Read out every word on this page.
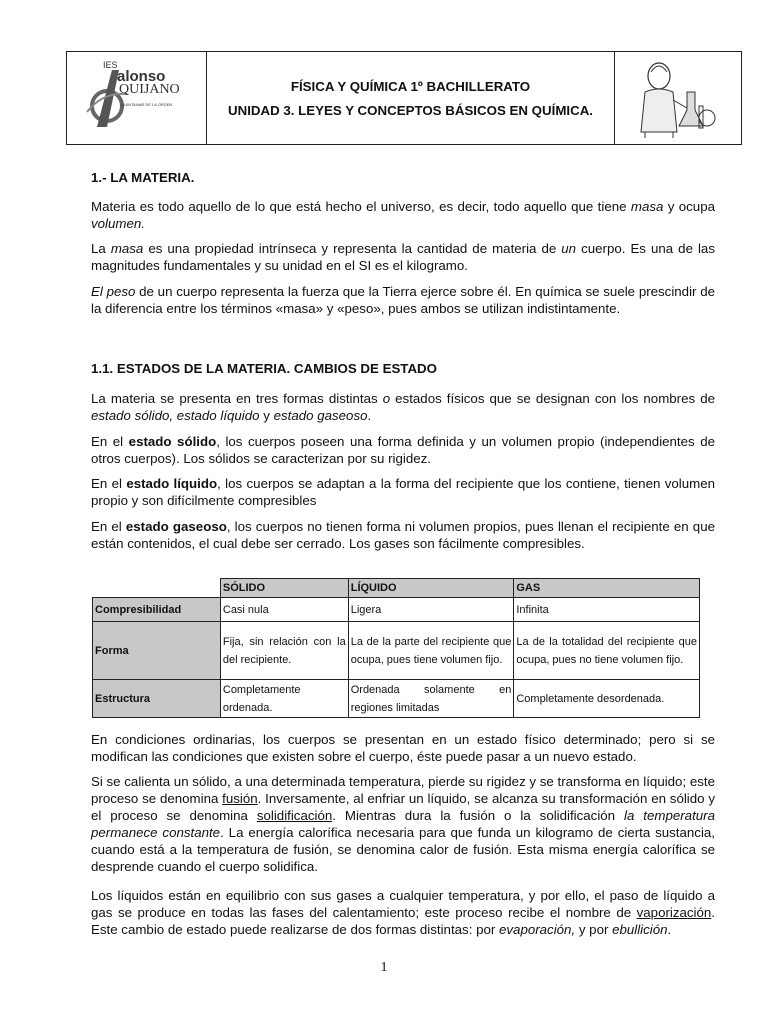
IES
alonso
QUIJANO
QUINTANAR DE LA ORDEN
FÍSICA Y QUÍMICA 1º BACHILLERATO
UNIDAD 3. LEYES Y CONCEPTOS BÁSICOS EN QUÍMICA.
1.- LA MATERIA.

Materia es todo aquello de lo que está hecho el universo, es decir, todo aquello que tiene masa y ocupa volumen.

La masa es una propiedad intrínseca y representa la cantidad de materia de un cuerpo. Es una de las magnitudes fundamentales y su unidad en el SI es el kilogramo.

El peso de un cuerpo representa la fuerza que la Tierra ejerce sobre él. En química se suele prescindir de la diferencia entre los términos «masa» y «peso», pues ambos se utilizan indistintamente.

1.1. ESTADOS DE LA MATERIA. CAMBIOS DE ESTADO

La materia se presenta en tres formas distintas o estados físicos que se designan con los nombres de estado sólido, estado líquido y estado gaseoso.

En el estado sólido, los cuerpos poseen una forma definida y un volumen propio (independientes de otros cuerpos). Los sólidos se caracterizan por su rigidez.

En el estado líquido, los cuerpos se adaptan a la forma del recipiente que los contiene, tienen volumen propio y son difícilmente compresibles

En el estado gaseoso, los cuerpos no tienen forma ni volumen propios, pues llenan el recipiente en que están contenidos, el cual debe ser cerrado. Los gases son fácilmente compresibles.

	SÓLIDO	LÍQUIDO	GAS
Compresibilidad	Casi nula	Ligera	Infinita
Forma	Fija, sin relación con la del recipiente.	La de la parte del recipiente que ocupa, pues tiene volumen fijo.	La de la totalidad del recipiente que ocupa, pues no tiene volumen fijo.
Estructura	Completamente ordenada.	Ordenada solamente en regiones limitadas	Completamente desordenada.

En condiciones ordinarias, los cuerpos se presentan en un estado físico determinado; pero si se modifican las condiciones que existen sobre el cuerpo, éste puede pasar a un nuevo estado.

Si se calienta un sólido, a una determinada temperatura, pierde su rigidez y se transforma en líquido; este proceso se denomina fusión. Inversamente, al enfriar un líquido, se alcanza su transformación en sólido y el proceso se denomina solidificación. Mientras dura la fusión o la solidificación la temperatura permanece constante. La energía calorífica necesaria para que funda un kilogramo de cierta sustancia, cuando está a la temperatura de fusión, se denomina calor de fusión. Esta misma energía calorífica se desprende cuando el cuerpo solidifica.

Los líquidos están en equilibrio con sus gases a cualquier temperatura, y por ello, el paso de líquido a gas se produce en todas las fases del calentamiento; este proceso recibe el nombre de vaporización. Este cambio de estado puede realizarse de dos formas distintas: por evaporación, y por ebullición.

1
